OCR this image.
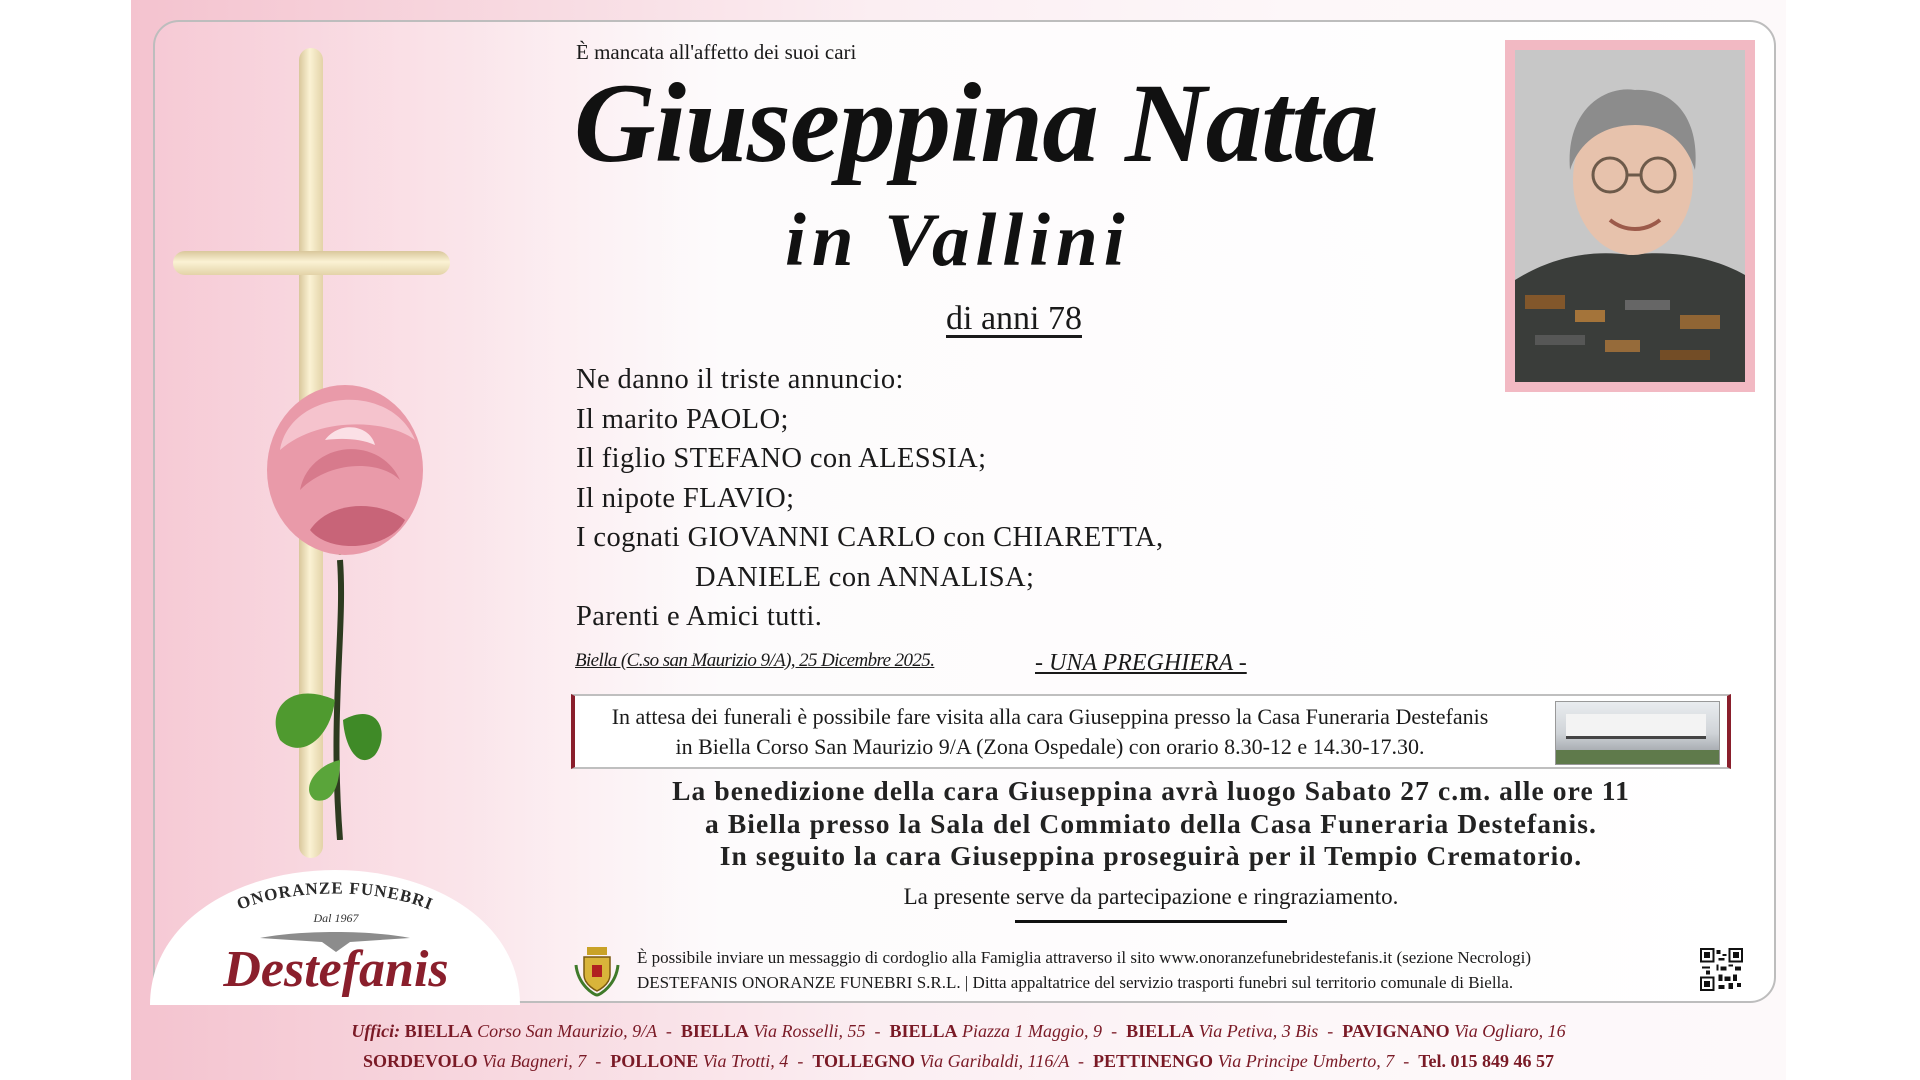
È mancata all'affetto dei suoi cari
Giuseppina Natta
in Vallini
di anni 78
Ne danno il triste annuncio:
Il marito PAOLO;
Il figlio STEFANO con ALESSIA;
Il nipote FLAVIO;
I cognati GIOVANNI CARLO con CHIARETTA,
DANIELE con ANNALISA;
Parenti e Amici tutti.
Biella (C.so san Maurizio 9/A), 25 Dicembre 2025.	- UNA PREGHIERA -
In attesa dei funerali è possibile fare visita alla cara Giuseppina presso la Casa Funeraria Destefanis
in Biella Corso San Maurizio 9/A (Zona Ospedale) con orario 8.30-12 e 14.30-17.30.
La benedizione della cara Giuseppina avrà luogo Sabato 27 c.m. alle ore 11
a Biella presso la Sala del Commiato della Casa Funeraria Destefanis.
In seguito la cara Giuseppina proseguirà per il Tempio Crematorio.
La presente serve da partecipazione e ringraziamento.
È possibile inviare un messaggio di cordoglio alla Famiglia attraverso il sito www.onoranzefunebridestefanis.it (sezione Necrologi)
DESTEFANIS ONORANZE FUNEBRI S.R.L. | Ditta appaltatrice del servizio trasporti funebri sul territorio comunale di Biella.
ONORANZE FUNEBRI
Dal 1967
Destefanis
Uffici: BIELLA Corso San Maurizio, 9/A  -  BIELLA Via Rosselli, 55  -  BIELLA Piazza 1 Maggio, 9  -  BIELLA Via Petiva, 3 Bis  -  PAVIGNANO Via Ogliaro, 16
SORDEVOLO Via Bagneri, 7  -  POLLONE Via Trotti, 4  -  TOLLEGNO Via Garibaldi, 116/A  -  PETTINENGO Via Principe Umberto, 7  -  Tel. 015 849 46 57
